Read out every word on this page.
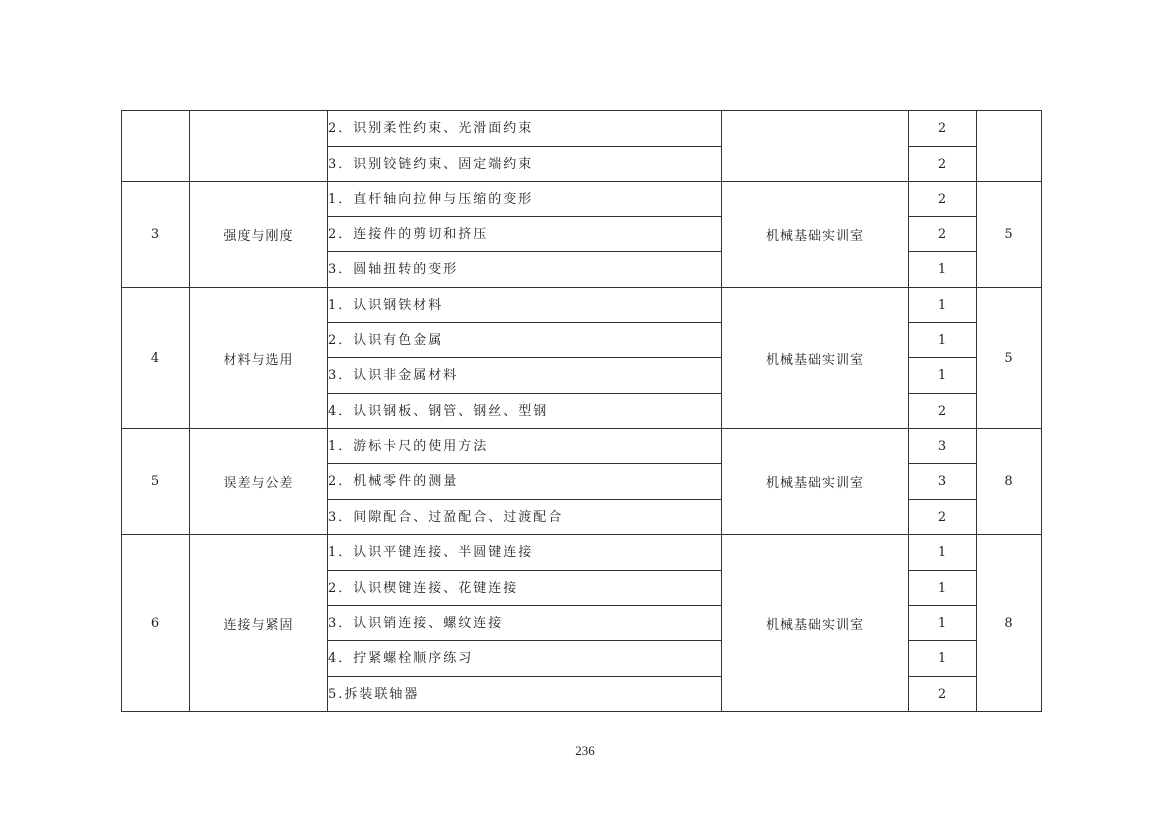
		2．识别柔性约束、光滑面约束		2	
		3．识别铰链约束、固定端约束		2	
3	强度与刚度	1．直杆轴向拉伸与压缩的变形	机械基础实训室	2	5
		2．连接件的剪切和挤压		2	
		3．圆轴扭转的变形		1	
4	材料与选用	1．认识钢铁材料	机械基础实训室	1	5
		2．认识有色金属		1	
		3．认识非金属材料		1	
		4．认识钢板、钢管、钢丝、型钢		2	
5	误差与公差	1．游标卡尺的使用方法	机械基础实训室	3	8
		2．机械零件的测量		3	
		3．间隙配合、过盈配合、过渡配合		2	
6	连接与紧固	1．认识平键连接、半圆键连接	机械基础实训室	1	8
		2．认识楔键连接、花键连接		1	
		3．认识销连接、螺纹连接		1	
		4．拧紧螺栓顺序练习		1	
		5.拆装联轴器		2	
236
